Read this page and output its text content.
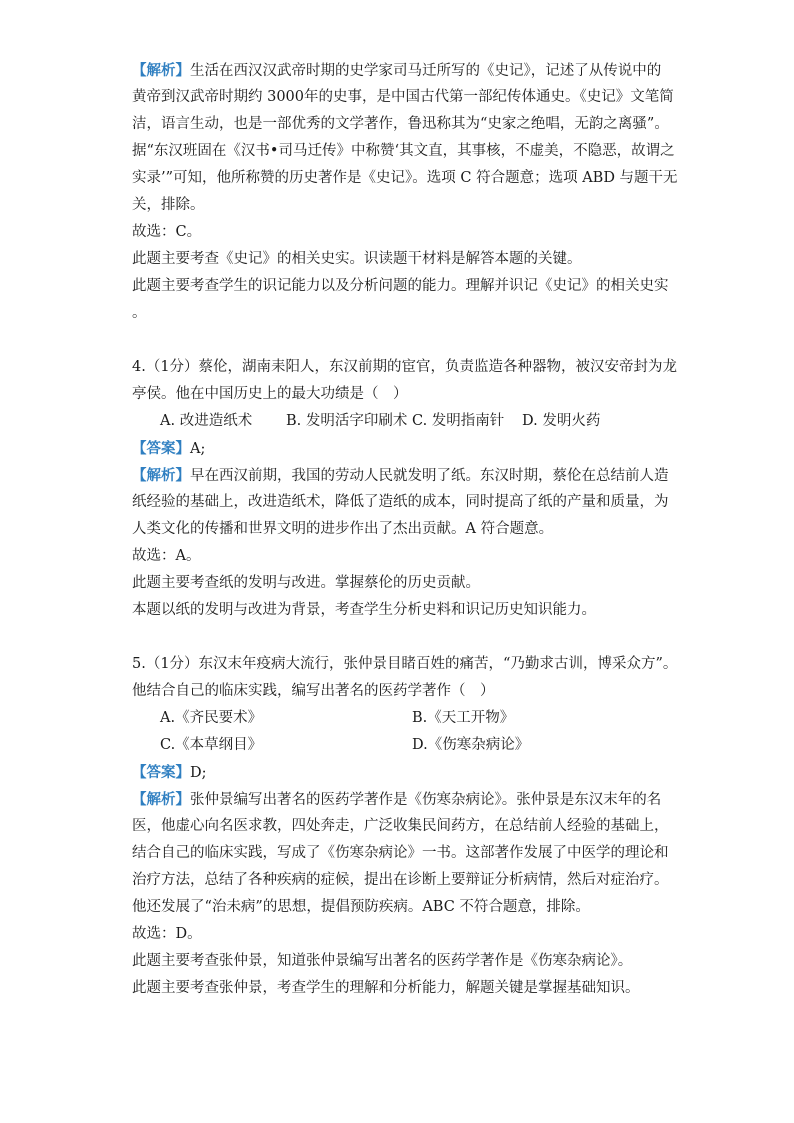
【解析】生活在西汉汉武帝时期的史学家司马迁所写的《史记》，记述了从传说中的
黄帝到汉武帝时期约 3000年的史事，是中国古代第一部纪传体通史。《史记》文笔简
洁，语言生动，也是一部优秀的文学著作，鲁迅称其为“史家之绝唱，无韵之离骚”。
据“东汉班固在《汉书•司马迁传》中称赞‘其文直，其事核，不虚美，不隐恶，故谓之
实录’”可知，他所称赞的历史著作是《史记》。选项 C 符合题意；选项 ABD 与题干无
关，排除。
故选：C。
此题主要考查《史记》的相关史实。识读题干材料是解答本题的关键。
此题主要考查学生的识记能力以及分析问题的能力。理解并识记《史记》的相关史实
。
4.（1分）蔡伦，湖南耒阳人，东汉前期的宦官，负责监造各种器物，被汉安帝封为龙
亭侯。他在中国历史上的最大功绩是（　）
A. 改进造纸术	B. 发明活字印刷术 C. 发明指南针	D. 发明火药
【答案】A;
【解析】早在西汉前期，我国的劳动人民就发明了纸。东汉时期，蔡伦在总结前人造
纸经验的基础上，改进造纸术，降低了造纸的成本，同时提高了纸的产量和质量，为
人类文化的传播和世界文明的进步作出了杰出贡献。A 符合题意。
故选：A。
此题主要考查纸的发明与改进。掌握蔡伦的历史贡献。
本题以纸的发明与改进为背景，考查学生分析史料和识记历史知识能力。
5.（1分）东汉末年疫病大流行，张仲景目睹百姓的痛苦，“乃勤求古训，博采众方”。
他结合自己的临床实践，编写出著名的医药学著作（　）
A.《齐民要术》	B.《天工开物》
C.《本草纲目》	D.《伤寒杂病论》
【答案】D;
【解析】张仲景编写出著名的医药学著作是《伤寒杂病论》。张仲景是东汉末年的名
医，他虚心向名医求教，四处奔走，广泛收集民间药方，在总结前人经验的基础上，
结合自己的临床实践，写成了《伤寒杂病论》一书。这部著作发展了中医学的理论和
治疗方法，总结了各种疾病的症候，提出在诊断上要辩证分析病情，然后对症治疗。
他还发展了“治未病”的思想，提倡预防疾病。ABC 不符合题意，排除。
故选：D。
此题主要考查张仲景，知道张仲景编写出著名的医药学著作是《伤寒杂病论》。
此题主要考查张仲景，考查学生的理解和分析能力，解题关键是掌握基础知识。
